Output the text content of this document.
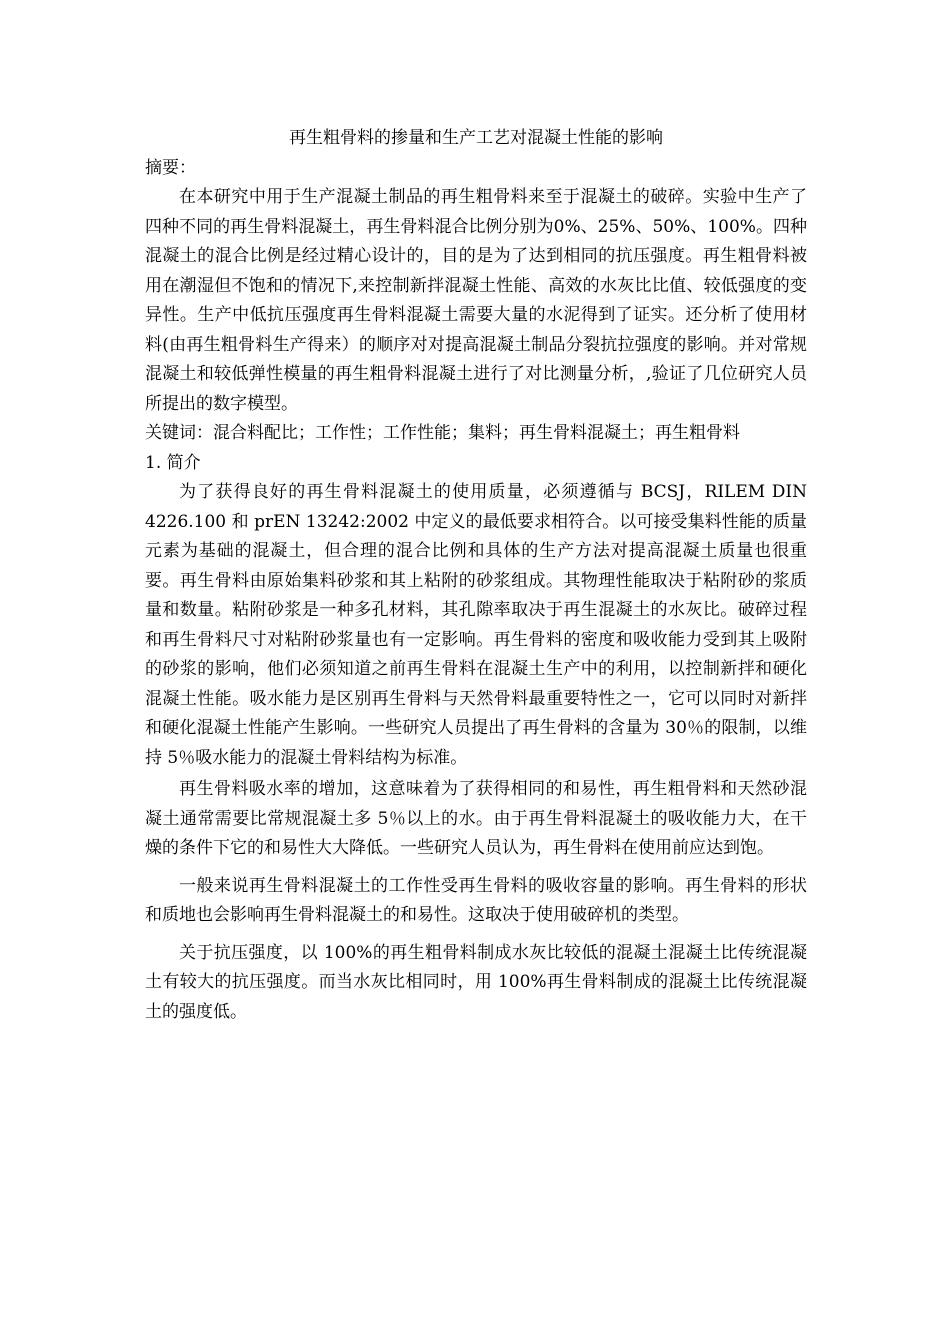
再生粗骨料的掺量和生产工艺对混凝土性能的影响

摘要：

在本研究中用于生产混凝土制品的再生粗骨料来至于混凝土的破碎。实验中生产了四种不同的再生骨料混凝土，再生骨料混合比例分别为0%、25%、50%、100%。四种混凝土的混合比例是经过精心设计的，目的是为了达到相同的抗压强度。再生粗骨料被用在潮湿但不饱和的情况下,来控制新拌混凝土性能、高效的水灰比比值、较低强度的变异性。生产中低抗压强度再生骨料混凝土需要大量的水泥得到了证实。还分析了使用材料(由再生粗骨料生产得来）的顺序对对提高混凝土制品分裂抗拉强度的影响。并对常规混凝土和较低弹性模量的再生粗骨料混凝土进行了对比测量分析，,验证了几位研究人员所提出的数字模型。

关键词：混合料配比；工作性；工作性能；集料；再生骨料混凝土；再生粗骨料

1. 简介

为了获得良好的再生骨料混凝土的使用质量，必须遵循与 BCSJ，RILEM DIN 4226.100 和 prEN 13242:2002 中定义的最低要求相符合。以可接受集料性能的质量元素为基础的混凝土，但合理的混合比例和具体的生产方法对提高混凝土质量也很重要。再生骨料由原始集料砂浆和其上粘附的砂浆组成。其物理性能取决于粘附砂的浆质量和数量。粘附砂浆是一种多孔材料，其孔隙率取决于再生混凝土的水灰比。破碎过程和再生骨料尺寸对粘附砂浆量也有一定影响。再生骨料的密度和吸收能力受到其上吸附的砂浆的影响，他们必须知道之前再生骨料在混凝土生产中的利用，以控制新拌和硬化混凝土性能。吸水能力是区别再生骨料与天然骨料最重要特性之一，它可以同时对新拌和硬化混凝土性能产生影响。一些研究人员提出了再生骨料的含量为 30％的限制，以维持 5％吸水能力的混凝土骨料结构为标准。

再生骨料吸水率的增加，这意味着为了获得相同的和易性，再生粗骨料和天然砂混凝土通常需要比常规混凝土多 5％以上的水。由于再生骨料混凝土的吸收能力大，在干燥的条件下它的和易性大大降低。一些研究人员认为，再生骨料在使用前应达到饱。

一般来说再生骨料混凝土的工作性受再生骨料的吸收容量的影响。再生骨料的形状和质地也会影响再生骨料混凝土的和易性。这取决于使用破碎机的类型。

关于抗压强度，以 100%的再生粗骨料制成水灰比较低的混凝土混凝土比传统混凝土有较大的抗压强度。而当水灰比相同时，用 100%再生骨料制成的混凝土比传统混凝土的强度低。
